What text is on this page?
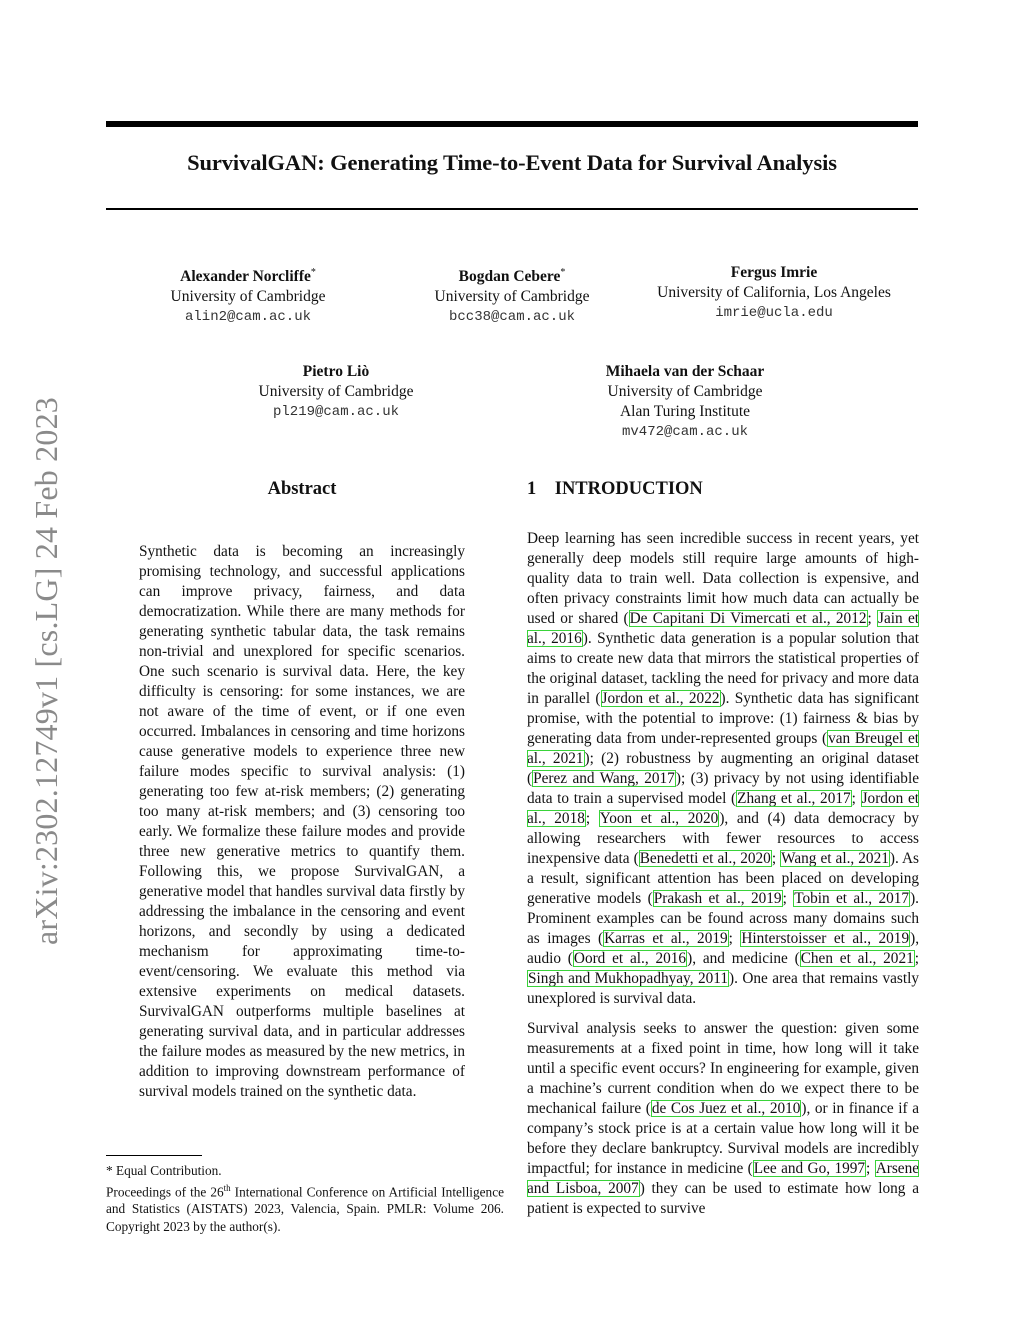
arXiv:2302.12749v1 [cs.LG] 24 Feb 2023
SurvivalGAN: Generating Time-to-Event Data for Survival Analysis
Alexander Norcliffe*
University of Cambridge
alin2@cam.ac.uk
Bogdan Cebere*
University of Cambridge
bcc38@cam.ac.uk
Fergus Imrie
University of California, Los Angeles
imrie@ucla.edu
Pietro Liò
University of Cambridge
pl219@cam.ac.uk
Mihaela van der Schaar
University of Cambridge
Alan Turing Institute
mv472@cam.ac.uk
Abstract
Synthetic data is becoming an increasingly promising technology, and successful applications can improve privacy, fairness, and data democratization. While there are many methods for generating synthetic tabular data, the task remains non-trivial and unexplored for specific scenarios. One such scenario is survival data. Here, the key difficulty is censoring: for some instances, we are not aware of the time of event, or if one even occurred. Imbalances in censoring and time horizons cause generative models to experience three new failure modes specific to survival analysis: (1) generating too few at-risk members; (2) generating too many at-risk members; and (3) censoring too early. We formalize these failure modes and provide three new generative metrics to quantify them. Following this, we propose SurvivalGAN, a generative model that handles survival data firstly by addressing the imbalance in the censoring and event horizons, and secondly by using a dedicated mechanism for approximating time-to-event/censoring. We evaluate this method via extensive experiments on medical datasets. SurvivalGAN outperforms multiple baselines at generating survival data, and in particular addresses the failure modes as measured by the new metrics, in addition to improving downstream performance of survival models trained on the synthetic data.
1    INTRODUCTION

Deep learning has seen incredible success in recent years, yet generally deep models still require large amounts of high-quality data to train well. Data collection is expensive, and often privacy constraints limit how much data can actually be used or shared (De Capitani Di Vimercati et al., 2012; Jain et al., 2016). Synthetic data generation is a popular solution that aims to create new data that mirrors the statistical properties of the original dataset, tackling the need for privacy and more data in parallel (Jordon et al., 2022). Synthetic data has significant promise, with the potential to improve: (1) fairness & bias by generating data from under-represented groups (van Breugel et al., 2021); (2) robustness by augmenting an original dataset (Perez and Wang, 2017); (3) privacy by not using identifiable data to train a supervised model (Zhang et al., 2017; Jordon et al., 2018; Yoon et al., 2020), and (4) data democracy by allowing researchers with fewer resources to access inexpensive data (Benedetti et al., 2020; Wang et al., 2021). As a result, significant attention has been placed on developing generative models (Prakash et al., 2019; Tobin et al., 2017). Prominent examples can be found across many domains such as images (Karras et al., 2019; Hinterstoisser et al., 2019), audio (Oord et al., 2016), and medicine (Chen et al., 2021; Singh and Mukhopadhyay, 2011). One area that remains vastly unexplored is survival data.

Survival analysis seeks to answer the question: given some measurements at a fixed point in time, how long will it take until a specific event occurs? In engineering for example, given a machine’s current condition when do we expect there to be mechanical failure (de Cos Juez et al., 2010), or in finance if a company’s stock price is at a certain value how long will it be before they declare bankruptcy. Survival models are incredibly impactful; for instance in medicine (Lee and Go, 1997; Arsene and Lisboa, 2007) they can be used to estimate how long a patient is expected to survive

* Equal Contribution.
Proceedings of the 26th International Conference on Artificial Intelligence and Statistics (AISTATS) 2023, Valencia, Spain. PMLR: Volume 206. Copyright 2023 by the author(s).
